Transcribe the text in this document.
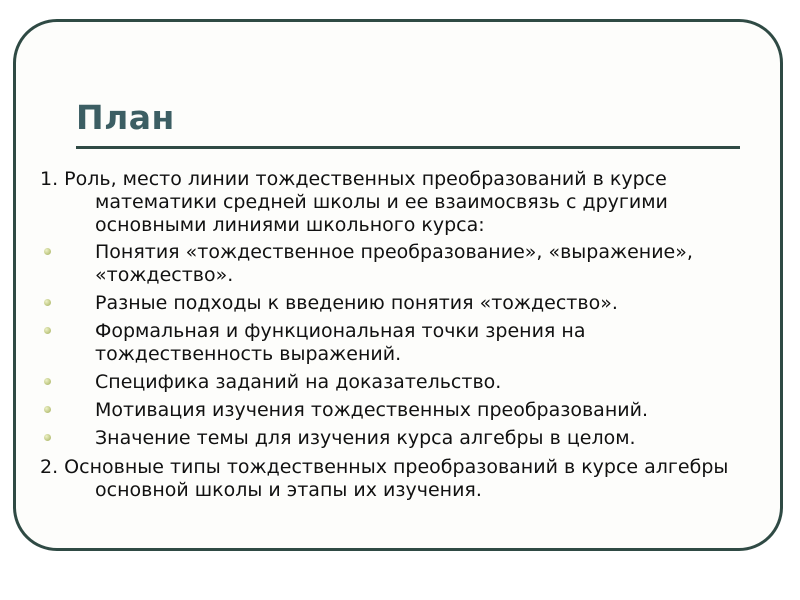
План

1. Роль, место линии тождественных преобразований в курсе математики средней школы и ее взаимосвязь с другими основными линиями школьного курса:

Понятия «тождественное преобразование», «выражение», «тождество».
Разные подходы к введению понятия «тождество».
Формальная и функциональная точки зрения на тождественность выражений.
Специфика заданий на доказательство.
Мотивация изучения тождественных преобразований.
Значение темы для изучения курса алгебры в целом.

2. Основные типы тождественных преобразований в курсе алгебры основной школы и этапы их изучения.
